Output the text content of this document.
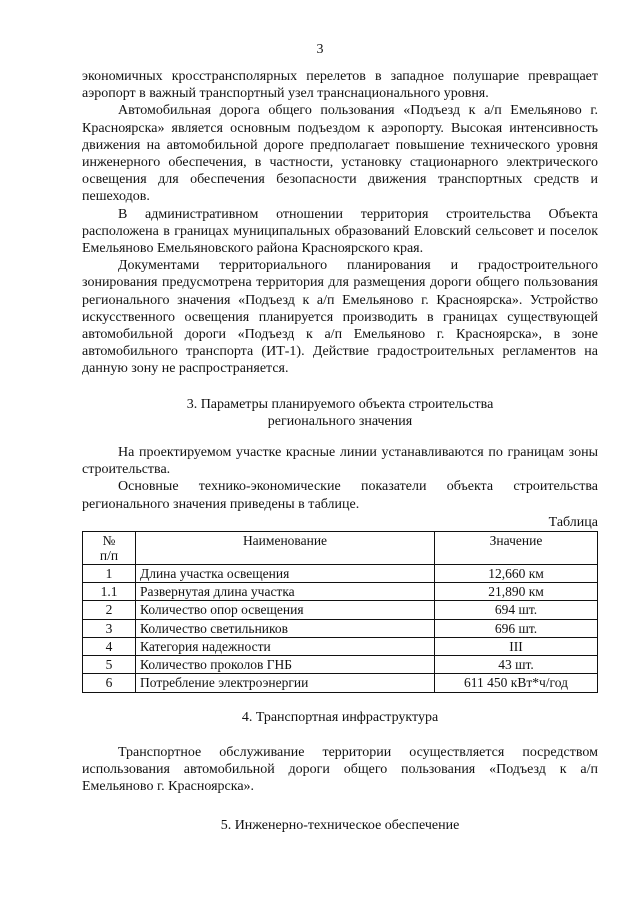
3

экономичных кросстрансполярных перелетов в западное полушарие превращает аэропорт в важный транспортный узел транснационального уровня.

Автомобильная дорога общего пользования «Подъезд к а/п Емельяново г. Красноярска» является основным подъездом к аэропорту. Высокая интенсивность движения на автомобильной дороге предполагает повышение технического уровня инженерного обеспечения, в частности, установку стационарного электрического освещения для обеспечения безопасности движения транспортных средств и пешеходов.

В административном отношении территория строительства Объекта расположена в границах муниципальных образований Еловский сельсовет и поселок Емельяново Емельяновского района Красноярского края.

Документами территориального планирования и градостроительного зонирования предусмотрена территория для размещения дороги общего пользования регионального значения «Подъезд к а/п Емельяново г. Красноярска». Устройство искусственного освещения планируется производить в границах существующей автомобильной дороги «Подъезд к а/п Емельяново г. Красноярска», в зоне автомобильного транспорта (ИТ-1). Действие градостроительных регламентов на данную зону не распространяется.

3. Параметры планируемого объекта строительства
регионального значения

На проектируемом участке красные линии устанавливаются по границам зоны строительства.

Основные технико-экономические показатели объекта строительства регионального значения приведены в таблице.

Таблица
№
п/п	Наименование	Значение
1	Длина участка освещения	12,660 км
1.1	Развернутая длина участка	21,890 км
2	Количество опор освещения	694 шт.
3	Количество светильников	696 шт.
4	Категория надежности	III
5	Количество проколов ГНБ	43 шт.
6	Потребление электроэнергии	611 450 кВт*ч/год
4. Транспортная инфраструктура

Транспортное обслуживание территории осуществляется посредством использования автомобильной дороги общего пользования «Подъезд к а/п Емельяново г. Красноярска».

5. Инженерно-техническое обеспечение
